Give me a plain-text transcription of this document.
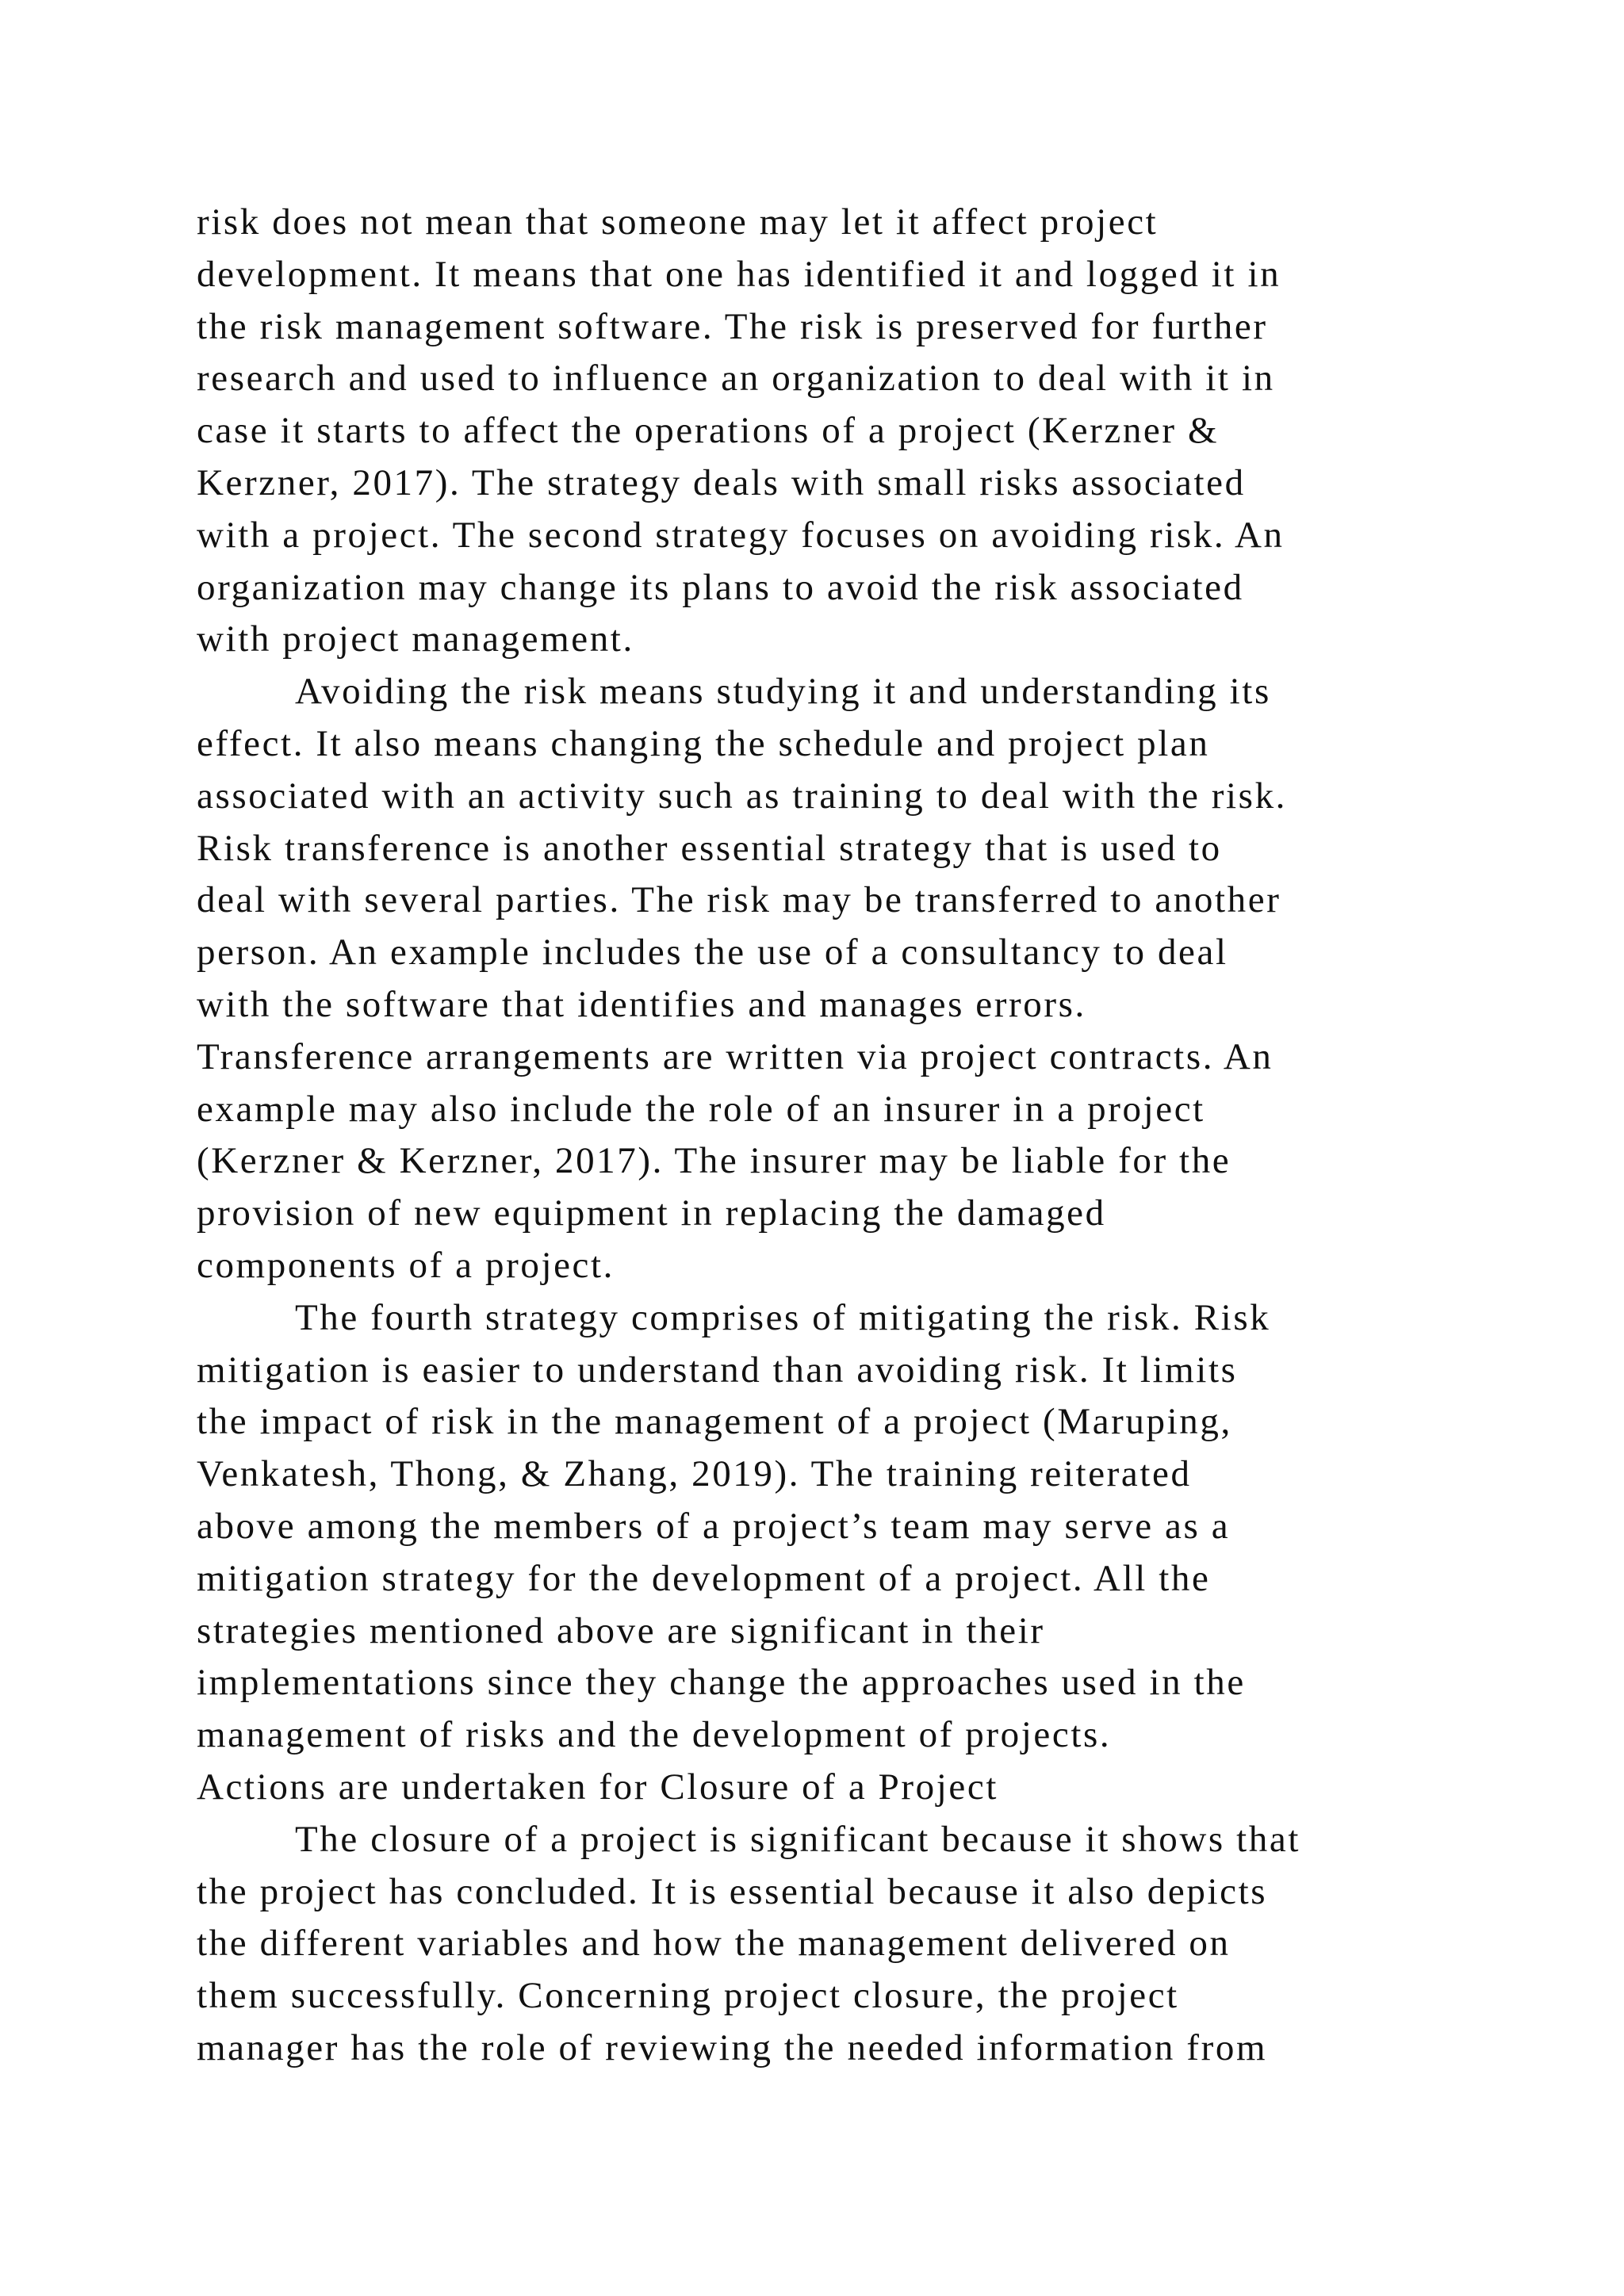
risk does not mean that someone may let it affect project
development. It means that one has identified it and logged it in
the risk management software. The risk is preserved for further
research and used to influence an organization to deal with it in
case it starts to affect the operations of a project (Kerzner &
Kerzner, 2017). The strategy deals with small risks associated
with a project. The second strategy focuses on avoiding risk. An
organization may change its plans to avoid the risk associated
with project management.
Avoiding the risk means studying it and understanding its
effect. It also means changing the schedule and project plan
associated with an activity such as training to deal with the risk.
Risk transference is another essential strategy that is used to
deal with several parties. The risk may be transferred to another
person. An example includes the use of a consultancy to deal
with the software that identifies and manages errors.
Transference arrangements are written via project contracts. An
example may also include the role of an insurer in a project
(Kerzner & Kerzner, 2017). The insurer may be liable for the
provision of new equipment in replacing the damaged
components of a project.
The fourth strategy comprises of mitigating the risk. Risk
mitigation is easier to understand than avoiding risk. It limits
the impact of risk in the management of a project (Maruping,
Venkatesh, Thong, & Zhang, 2019). The training reiterated
above among the members of a project’s team may serve as a
mitigation strategy for the development of a project. All the
strategies mentioned above are significant in their
implementations since they change the approaches used in the
management of risks and the development of projects.
Actions are undertaken for Closure of a Project
The closure of a project is significant because it shows that
the project has concluded. It is essential because it also depicts
the different variables and how the management delivered on
them successfully. Concerning project closure, the project
manager has the role of reviewing the needed information from
